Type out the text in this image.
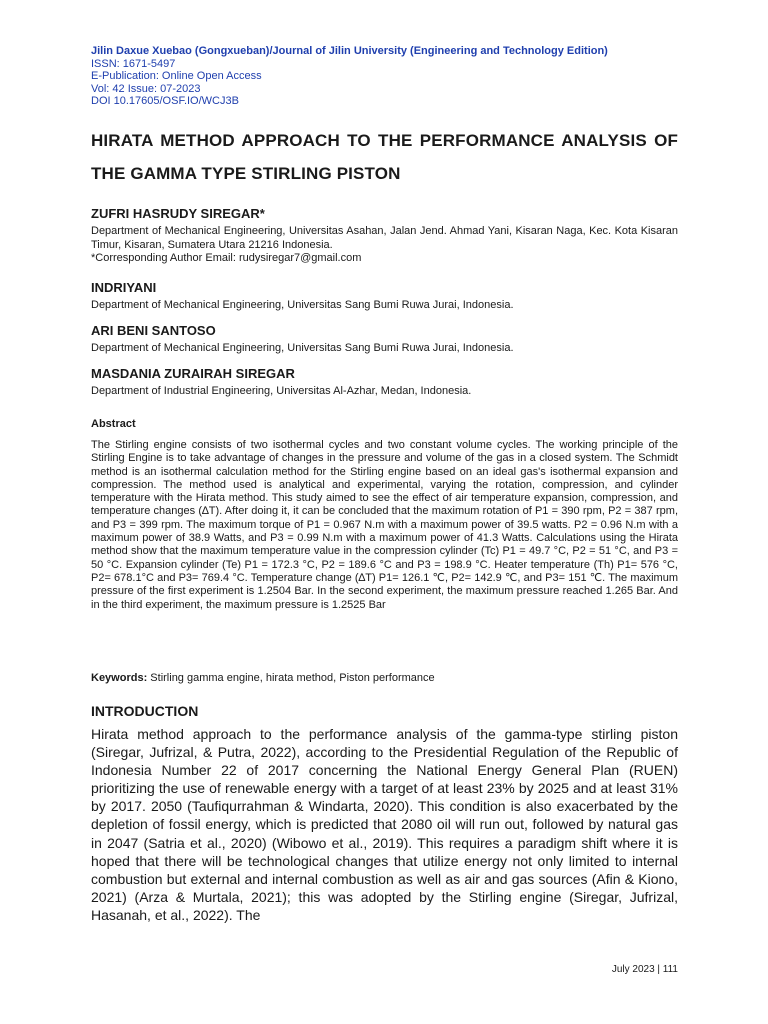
Jilin Daxue Xuebao (Gongxueban)/Journal of Jilin University (Engineering and Technology Edition)
ISSN: 1671-5497
E-Publication: Online Open Access
Vol: 42 Issue: 07-2023
DOI 10.17605/OSF.IO/WCJ3B
HIRATA METHOD APPROACH TO THE PERFORMANCE ANALYSIS OF THE GAMMA TYPE STIRLING PISTON
ZUFRI HASRUDY SIREGAR*
Department of Mechanical Engineering, Universitas Asahan, Jalan Jend. Ahmad Yani, Kisaran Naga, Kec. Kota Kisaran Timur, Kisaran, Sumatera Utara 21216 Indonesia.
*Corresponding Author Email: rudysiregar7@gmail.com
INDRIYANI
Department of Mechanical Engineering, Universitas Sang Bumi Ruwa Jurai, Indonesia.
ARI BENI SANTOSO
Department of Mechanical Engineering, Universitas Sang Bumi Ruwa Jurai, Indonesia.
MASDANIA ZURAIRAH SIREGAR
Department of Industrial Engineering, Universitas Al-Azhar, Medan, Indonesia.
Abstract
The Stirling engine consists of two isothermal cycles and two constant volume cycles. The working principle of the Stirling Engine is to take advantage of changes in the pressure and volume of the gas in a closed system. The Schmidt method is an isothermal calculation method for the Stirling engine based on an ideal gas's isothermal expansion and compression. The method used is analytical and experimental, varying the rotation, compression, and cylinder temperature with the Hirata method. This study aimed to see the effect of air temperature expansion, compression, and temperature changes (∆T). After doing it, it can be concluded that the maximum rotation of P1 = 390 rpm, P2 = 387 rpm, and P3 = 399 rpm. The maximum torque of P1 = 0.967 N.m with a maximum power of 39.5 watts. P2 = 0.96 N.m with a maximum power of 38.9 Watts, and P3 = 0.99 N.m with a maximum power of 41.3 Watts. Calculations using the Hirata method show that the maximum temperature value in the compression cylinder (Tc) P1 = 49.7 °C, P2 = 51 °C, and P3 = 50 °C. Expansion cylinder (Te) P1 = 172.3 °C, P2 = 189.6 °C and P3 = 198.9 °C. Heater temperature (Th) P1= 576 °C, P2= 678.1°C and P3= 769.4 °C. Temperature change (∆T) P1= 126.1 ℃, P2= 142.9 ℃, and P3= 151 ℃. The maximum pressure of the first experiment is 1.2504 Bar. In the second experiment, the maximum pressure reached 1.265 Bar. And in the third experiment, the maximum pressure is 1.2525 Bar
Keywords: Stirling gamma engine, hirata method, Piston performance
INTRODUCTION
Hirata method approach to the performance analysis of the gamma-type stirling piston (Siregar, Jufrizal, & Putra, 2022), according to the Presidential Regulation of the Republic of Indonesia Number 22 of 2017 concerning the National Energy General Plan (RUEN) prioritizing the use of renewable energy with a target of at least 23% by 2025 and at least 31% by 2017. 2050 (Taufiqurrahman & Windarta, 2020). This condition is also exacerbated by the depletion of fossil energy, which is predicted that 2080 oil will run out, followed by natural gas in 2047 (Satria et al., 2020) (Wibowo et al., 2019). This requires a paradigm shift where it is hoped that there will be technological changes that utilize energy not only limited to internal combustion but external and internal combustion as well as air and gas sources (Afin & Kiono, 2021) (Arza & Murtala, 2021); this was adopted by the Stirling engine (Siregar, Jufrizal, Hasanah, et al., 2022). The
July 2023 | 111
